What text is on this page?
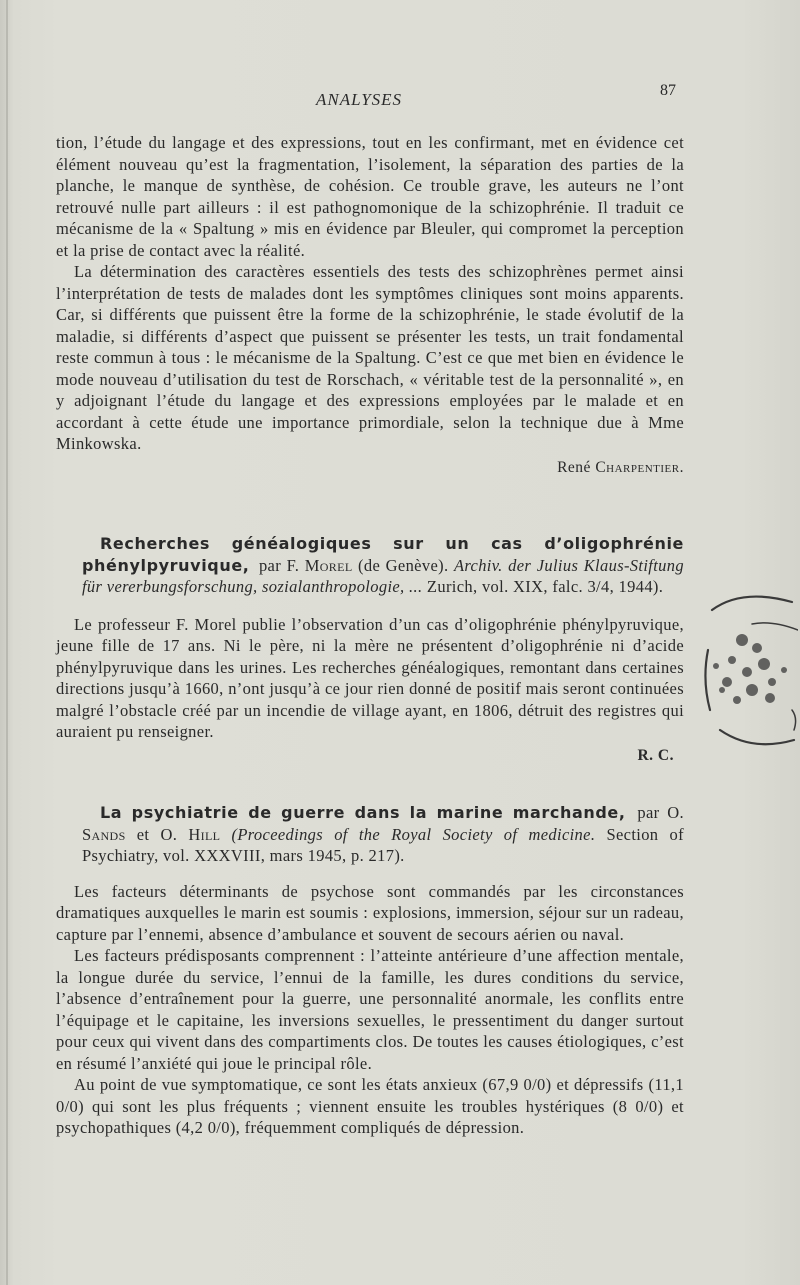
ANALYSES	87

tion, l’étude du langage et des expressions, tout en les confirmant, met en évidence cet élément nouveau qu’est la fragmentation, l’isolement, la séparation des parties de la planche, le manque de synthèse, de cohésion. Ce trouble grave, les auteurs ne l’ont retrouvé nulle part ailleurs : il est pathognomonique de la schizophrénie. Il traduit ce mécanisme de la « Spaltung » mis en évidence par Bleuler, qui compromet la perception et la prise de contact avec la réalité.

La détermination des caractères essentiels des tests des schizophrènes permet ainsi l’interprétation de tests de malades dont les symptômes cliniques sont moins apparents. Car, si différents que puissent être la forme de la schizophrénie, le stade évolutif de la maladie, si différents d’aspect que puissent se présenter les tests, un trait fondamental reste commun à tous : le mécanisme de la Spaltung. C’est ce que met bien en évidence le mode nouveau d’utilisation du test de Rorschach, « véritable test de la personnalité », en y adjoignant l’étude du langage et des expressions employées par le malade et en accordant à cette étude une importance primordiale, selon la technique due à Mme Minkowska.

René Charpentier.

Recherches généalogiques sur un cas d’oligophrénie phénylpyruvique, par F. Morel (de Genève). Archiv. der Julius Klaus-Stiftung für vererbungsforschung, sozialanthropologie, ... Zurich, vol. XIX, falc. 3/4, 1944).

Le professeur F. Morel publie l’observation d’un cas d’oligophrénie phénylpyruvique, jeune fille de 17 ans. Ni le père, ni la mère ne présentent d’oligophrénie ni d’acide phénylpyruvique dans les urines. Les recherches généalogiques, remontant dans certaines directions jusqu’à 1660, n’ont jusqu’à ce jour rien donné de positif mais seront continuées malgré l’obstacle créé par un incendie de village ayant, en 1806, détruit des registres qui auraient pu renseigner.

R. C.

La psychiatrie de guerre dans la marine marchande, par O. Sands et O. Hill (Proceedings of the Royal Society of medicine. Section of Psychiatry, vol. XXXVIII, mars 1945, p. 217).

Les facteurs déterminants de psychose sont commandés par les circonstances dramatiques auxquelles le marin est soumis : explosions, immersion, séjour sur un radeau, capture par l’ennemi, absence d’ambulance et souvent de secours aérien ou naval.

Les facteurs prédisposants comprennent : l’atteinte antérieure d’une affection mentale, la longue durée du service, l’ennui de la famille, les dures conditions du service, l’absence d’entraînement pour la guerre, une personnalité anormale, les conflits entre l’équipage et le capitaine, les inversions sexuelles, le pressentiment du danger surtout pour ceux qui vivent dans des compartiments clos. De toutes les causes étiologiques, c’est en résumé l’anxiété qui joue le principal rôle.

Au point de vue symptomatique, ce sont les états anxieux (67,9 0/0) et dépressifs (11,1 0/0) qui sont les plus fréquents ; viennent ensuite les troubles hystériques (8 0/0) et psychopathiques (4,2 0/0), fréquemment compliqués de dépression.
